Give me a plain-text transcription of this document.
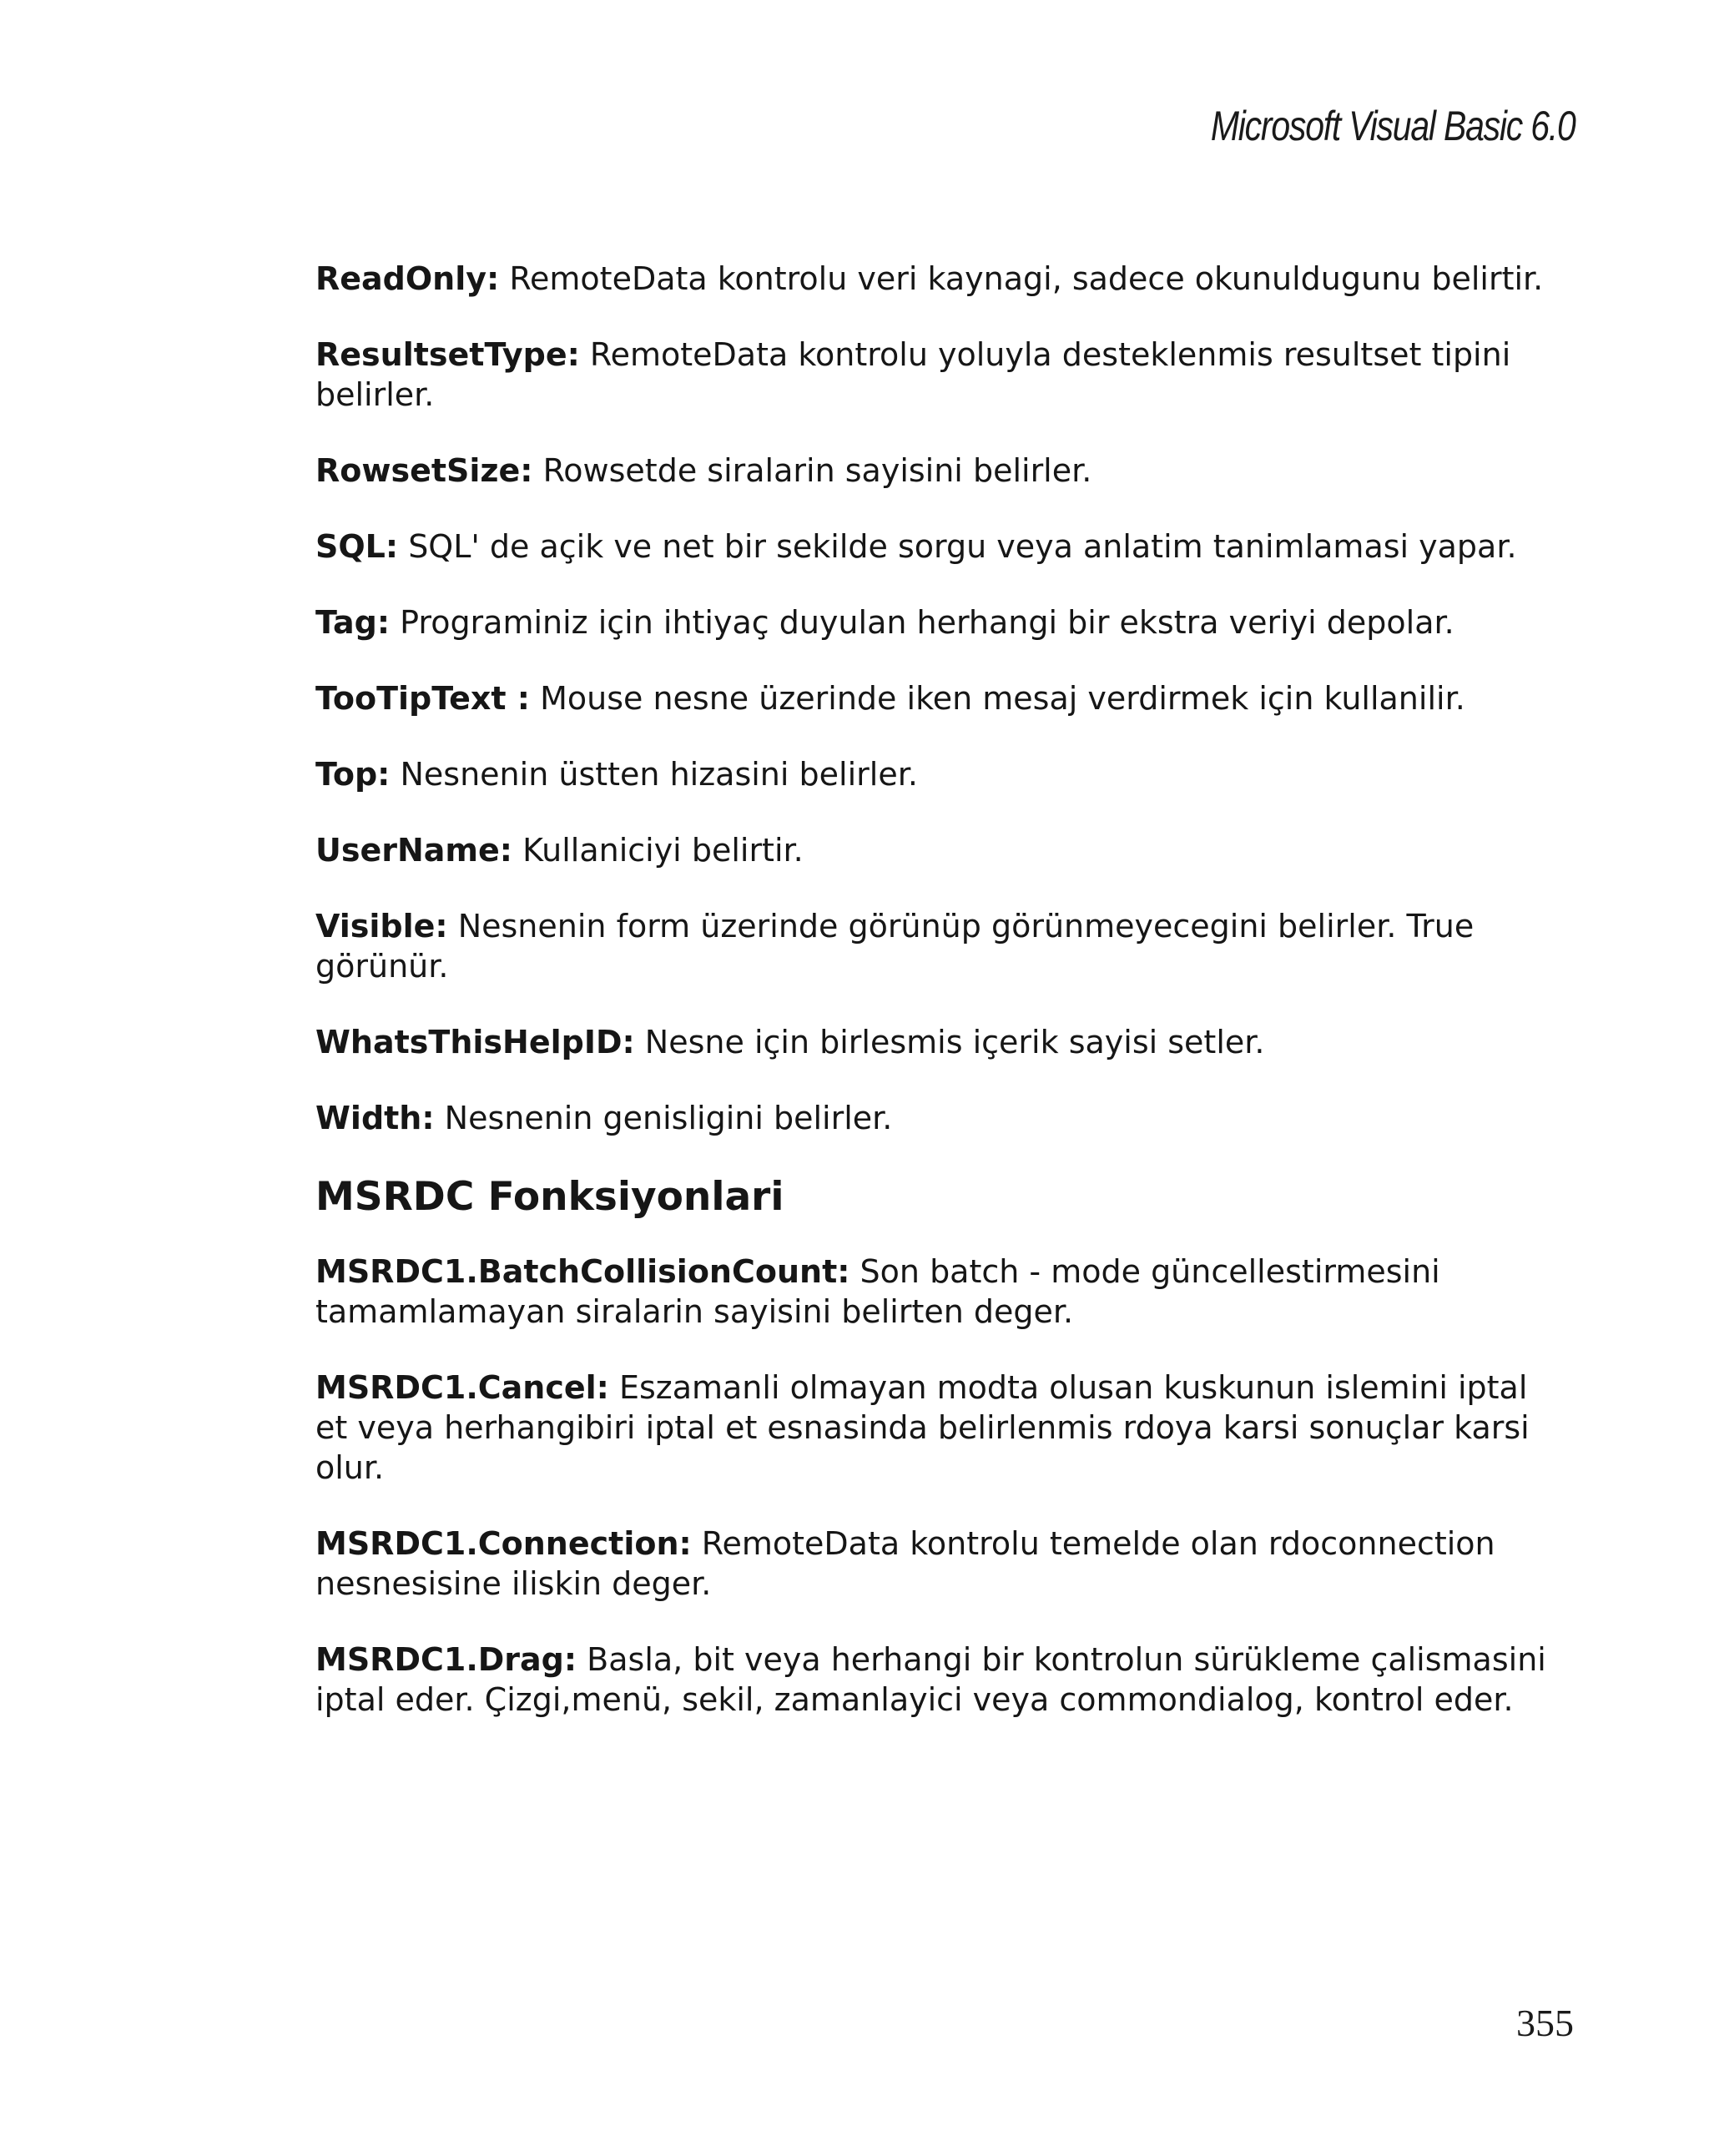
Microsoft Visual Basic 6.0

ReadOnly: RemoteData kontrolu veri kaynagi, sadece okunuldugunu belirtir.

ResultsetType: RemoteData kontrolu yoluyla desteklenmis resultset tipini belirler.

RowsetSize: Rowsetde siralarin sayisini belirler.

SQL: SQL' de açik ve net bir sekilde sorgu veya anlatim tanimlamasi yapar.

Tag: Programiniz için ihtiyaç duyulan herhangi bir ekstra veriyi depolar.

TooTipText : Mouse nesne üzerinde iken mesaj verdirmek için kullanilir.

Top: Nesnenin üstten hizasini belirler.

UserName: Kullaniciyi belirtir.

Visible: Nesnenin form üzerinde görünüp görünmeyecegini belirler. True görünür.

WhatsThisHelpID: Nesne için birlesmis içerik sayisi setler.

Width: Nesnenin genisligini belirler.

MSRDC Fonksiyonlari

MSRDC1.BatchCollisionCount: Son batch - mode güncellestirmesini tamamlamayan siralarin sayisini belirten deger.

MSRDC1.Cancel: Eszamanli olmayan modta olusan kuskunun islemini iptal et veya herhangibiri iptal et esnasinda belirlenmis rdoya karsi sonuçlar karsi olur.

MSRDC1.Connection: RemoteData kontrolu temelde olan rdoconnection nesnesisine iliskin deger.

MSRDC1.Drag: Basla, bit veya herhangi bir kontrolun sürükleme çalismasini iptal eder. Çizgi,menü, sekil, zamanlayici veya commondialog, kontrol eder.

355
